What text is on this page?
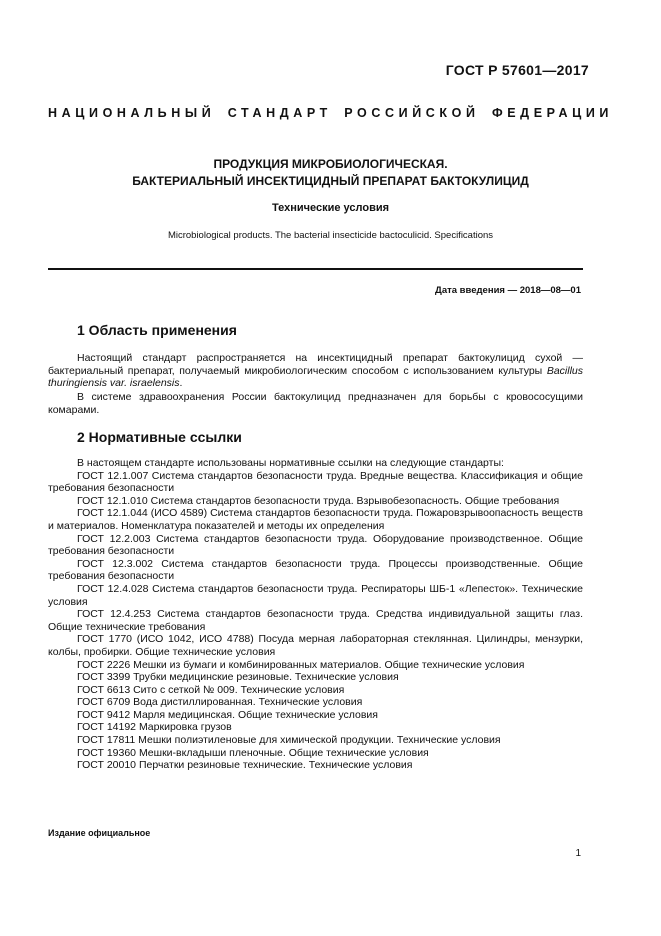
ГОСТ Р 57601—2017
НАЦИОНАЛЬНЫЙ СТАНДАРТ РОССИЙСКОЙ ФЕДЕРАЦИИ
ПРОДУКЦИЯ МИКРОБИОЛОГИЧЕСКАЯ.
БАКТЕРИАЛЬНЫЙ ИНСЕКТИЦИДНЫЙ ПРЕПАРАТ БАКТОКУЛИЦИД
Технические условия
Microbiological products. The bacterial insecticide bactoculicid. Specifications
Дата введения — 2018—08—01
1 Область применения
Настоящий стандарт распространяется на инсектицидный препарат бактокулицид сухой — бактериальный препарат, получаемый микробиологическим способом с использованием культуры Bacillus thuringiensis var. israelensis.
В системе здравоохранения России бактокулицид предназначен для борьбы с кровососущими комарами.
2 Нормативные ссылки
В настоящем стандарте использованы нормативные ссылки на следующие стандарты:
ГОСТ 12.1.007 Система стандартов безопасности труда. Вредные вещества. Классификация и общие требования безопасности
ГОСТ 12.1.010 Система стандартов безопасности труда. Взрывобезопасность. Общие требования
ГОСТ 12.1.044 (ИСО 4589) Система стандартов безопасности труда. Пожаровзрывоопасность веществ и материалов. Номенклатура показателей и методы их определения
ГОСТ 12.2.003 Система стандартов безопасности труда. Оборудование производственное. Общие требования безопасности
ГОСТ 12.3.002 Система стандартов безопасности труда. Процессы производственные. Общие требования безопасности
ГОСТ 12.4.028 Система стандартов безопасности труда. Респираторы ШБ-1 «Лепесток». Технические условия
ГОСТ 12.4.253 Система стандартов безопасности труда. Средства индивидуальной защиты глаз. Общие технические требования
ГОСТ 1770 (ИСО 1042, ИСО 4788) Посуда мерная лабораторная стеклянная. Цилиндры, мензурки, колбы, пробирки. Общие технические условия
ГОСТ 2226 Мешки из бумаги и комбинированных материалов. Общие технические условия
ГОСТ 3399 Трубки медицинские резиновые. Технические условия
ГОСТ 6613 Сито с сеткой № 009. Технические условия
ГОСТ 6709 Вода дистиллированная. Технические условия
ГОСТ 9412 Марля медицинская. Общие технические условия
ГОСТ 14192 Маркировка грузов
ГОСТ 17811 Мешки полиэтиленовые для химической продукции. Технические условия
ГОСТ 19360 Мешки-вкладыши пленочные. Общие технические условия
ГОСТ 20010 Перчатки резиновые технические. Технические условия
Издание официальное
1
